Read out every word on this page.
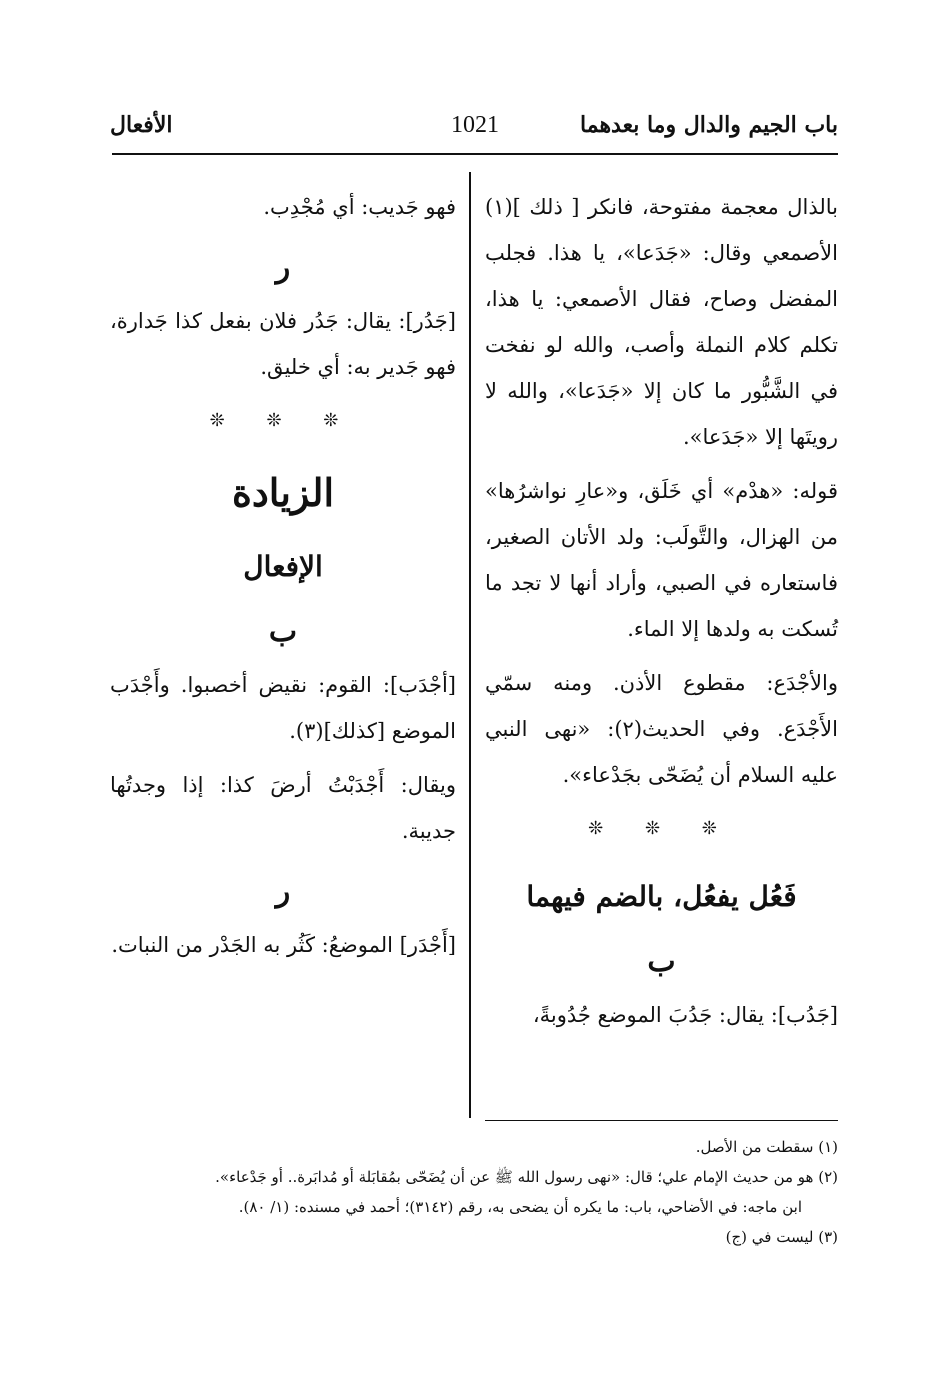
باب الجيم والدال وما بعدهما
1021
الأفعال

بالذال معجمة مفتوحة، فانكر [ ذلك ](١) الأصمعي وقال: «جَدَعا»، يا هذا. فجلب المفضل وصاح، فقال الأصمعي: يا هذا، تكلم كلام النملة وأصب، والله لو نفخت في الشَّبُّور ما كان إلا «جَدَعا»، والله لا رويتَها إلا «جَدَعا».

قوله: «هدْم» أي خَلَق، و«عارِ نواشرُها» من الهزال، والتَّولَب: ولد الأتان الصغير، فاستعاره في الصبي، وأراد أنها لا تجد ما تُسكت به ولدها إلا الماء.

والأجْدَع: مقطوع الأذن. ومنه سمّي الأَجْدَع. وفي الحديث(٢): «نهى النبي عليه السلام أن يُضَحّى بجَدْعاء».

❊ ❊ ❊
فَعُل يفعُل، بالضم فيهما
ب

[جَدُب]: يقال: جَدُبَ الموضع جُدُوبةً،

فهو جَديب: أي مُجْدِب.

ر

[جَدُر]: يقال: جَدُر فلان بفعل كذا جَدارة، فهو جَدير به: أي خليق.

❊ ❊ ❊
الزيادة
الإفعال
ب

[أجْدَب]: القوم: نقيض أخصبوا. وأَجْدَب الموضع [كذلك](٣).

ويقال: أَجْدَبْتُ أرضَ كذا: إذا وجدتُها جديبة.

ر

[أَجْدَر] الموضعُ: كَثُر به الجَدْر من النبات.

(١) سقطت من الأصل.
(٢) هو من حديث الإمام علي؛ قال: «نهى رسول الله ﷺ عن أن يُضَحّى بمُقابَلة أو مُدابَرة.. أو جَدْعاء».
ابن ماجه: في الأضاحي، باب: ما يكره أن يضحى به، رقم (٣١٤٢)؛ أحمد في مسنده: (١/ ٨٠).
(٣) ليست في (ج)
